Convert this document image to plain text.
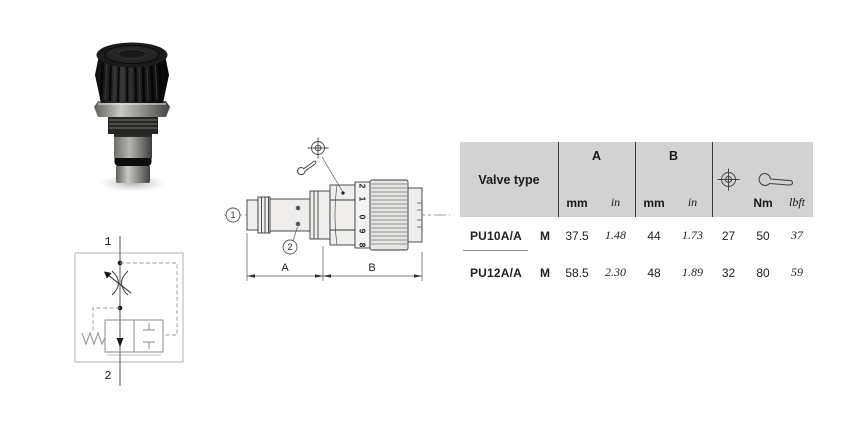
1
2
2
1
0
9
8
1
2
A	B
Valve type
A	B
mm	in	mm	in	Nm	lbft
PU10A/A	M	37.5	1.48	44	1.73	27	50	37
PU12A/A	M	58.5	2.30	48	1.89	32	80	59
